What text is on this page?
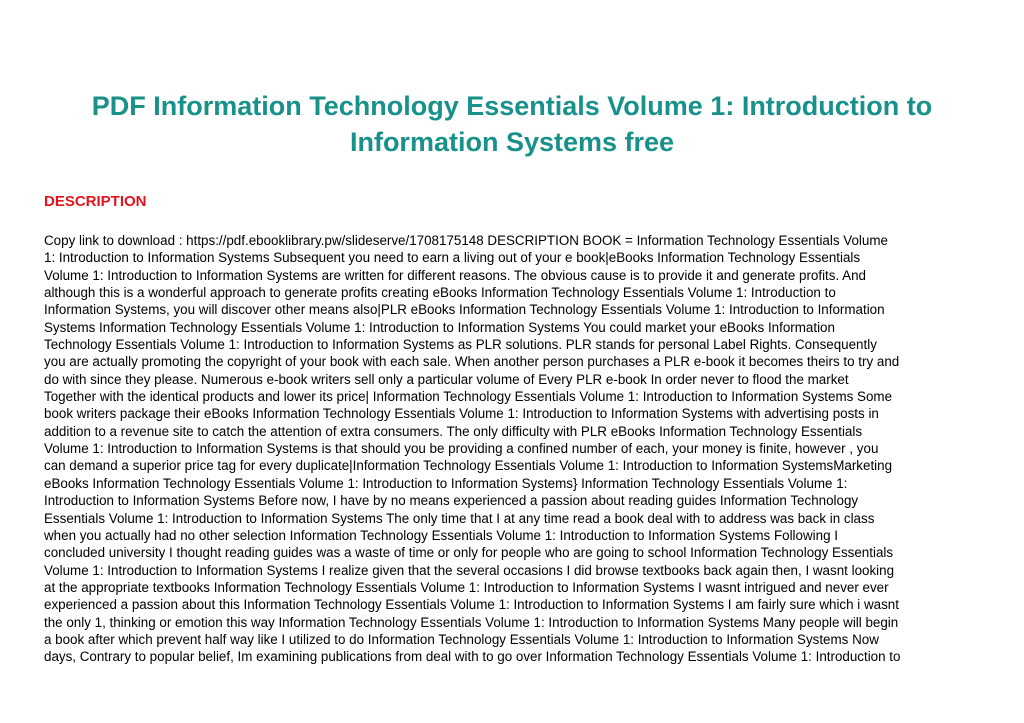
PDF Information Technology Essentials Volume 1: Introduction to Information Systems free
DESCRIPTION

Copy link to download : https://pdf.ebooklibrary.pw/slideserve/1708175148 DESCRIPTION BOOK = Information Technology Essentials Volume
1: Introduction to Information Systems Subsequent you need to earn a living out of your e book|eBooks Information Technology Essentials
Volume 1: Introduction to Information Systems are written for different reasons. The obvious cause is to provide it and generate profits. And
although this is a wonderful approach to generate profits creating eBooks Information Technology Essentials Volume 1: Introduction to
Information Systems, you will discover other means also|PLR eBooks Information Technology Essentials Volume 1: Introduction to Information
Systems Information Technology Essentials Volume 1: Introduction to Information Systems You could market your eBooks Information
Technology Essentials Volume 1: Introduction to Information Systems as PLR solutions. PLR stands for personal Label Rights. Consequently
you are actually promoting the copyright of your book with each sale. When another person purchases a PLR e-book it becomes theirs to try and
do with since they please. Numerous e-book writers sell only a particular volume of Every PLR e-book In order never to flood the market
Together with the identical products and lower its price| Information Technology Essentials Volume 1: Introduction to Information Systems Some
book writers package their eBooks Information Technology Essentials Volume 1: Introduction to Information Systems with advertising posts in
addition to a revenue site to catch the attention of extra consumers. The only difficulty with PLR eBooks Information Technology Essentials
Volume 1: Introduction to Information Systems is that should you be providing a confined number of each, your money is finite, however , you
can demand a superior price tag for every duplicate|Information Technology Essentials Volume 1: Introduction to Information SystemsMarketing
eBooks Information Technology Essentials Volume 1: Introduction to Information Systems} Information Technology Essentials Volume 1:
Introduction to Information Systems Before now, I have by no means experienced a passion about reading guides Information Technology
Essentials Volume 1: Introduction to Information Systems The only time that I at any time read a book deal with to address was back in class
when you actually had no other selection Information Technology Essentials Volume 1: Introduction to Information Systems Following I
concluded university I thought reading guides was a waste of time or only for people who are going to school Information Technology Essentials
Volume 1: Introduction to Information Systems I realize given that the several occasions I did browse textbooks back again then, I wasnt looking
at the appropriate textbooks Information Technology Essentials Volume 1: Introduction to Information Systems I wasnt intrigued and never ever
experienced a passion about this Information Technology Essentials Volume 1: Introduction to Information Systems I am fairly sure which i wasnt
the only 1, thinking or emotion this way Information Technology Essentials Volume 1: Introduction to Information Systems Many people will begin
a book after which prevent half way like I utilized to do Information Technology Essentials Volume 1: Introduction to Information Systems Now
days, Contrary to popular belief, Im examining publications from deal with to go over Information Technology Essentials Volume 1: Introduction to
